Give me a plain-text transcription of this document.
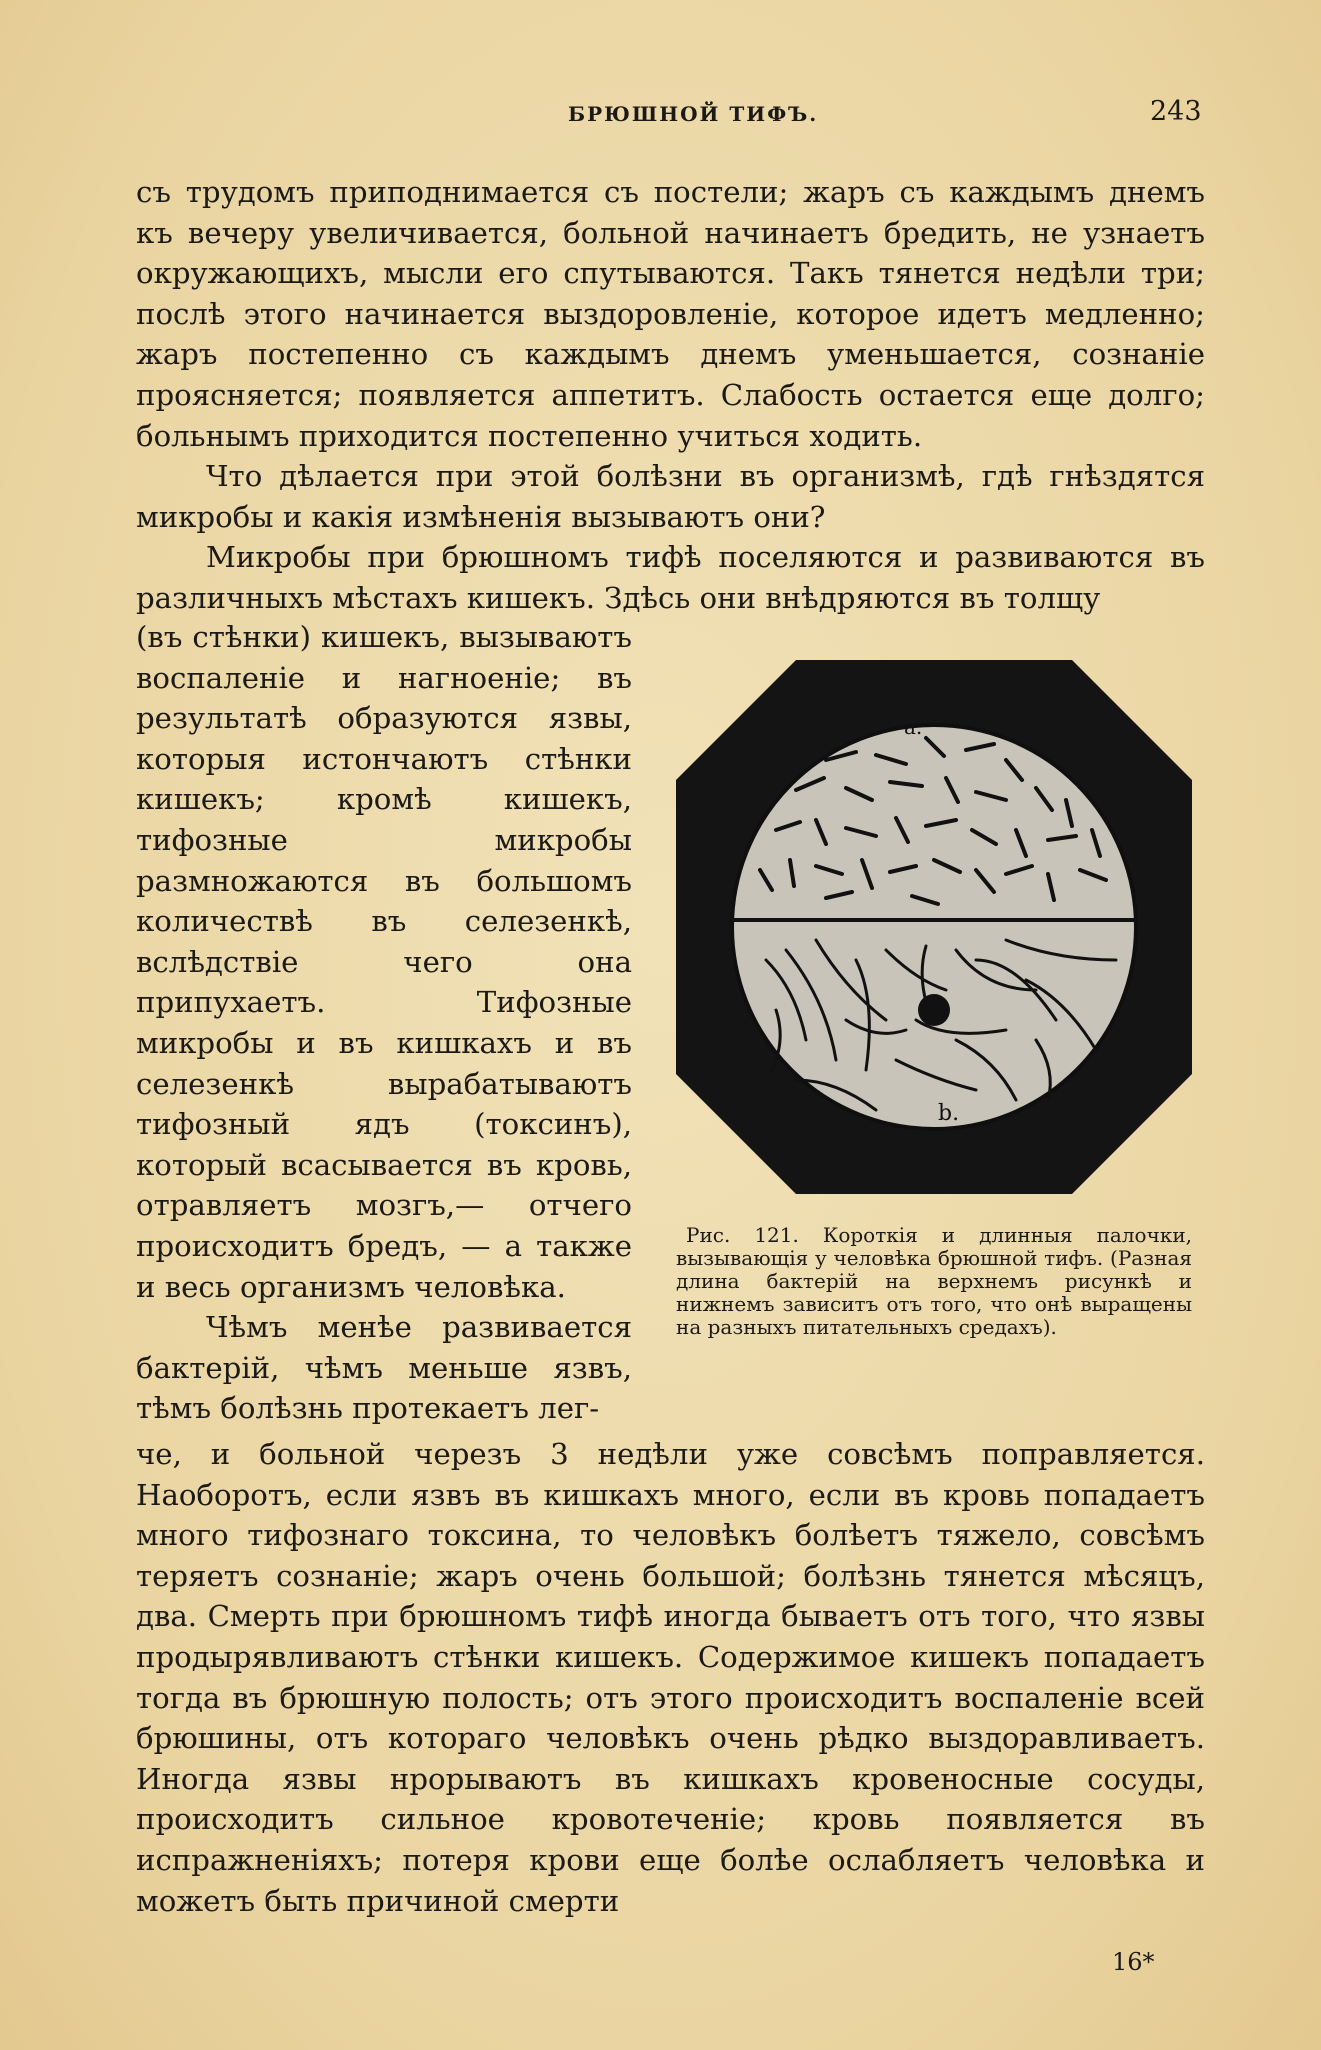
БРЮШНОЙ ТИФЪ.	243

съ трудомъ приподнимается съ постели; жаръ съ каждымъ днемъ къ вечеру увеличивается, больной начинаетъ бредить, не узнаетъ окружающихъ, мысли его спутываются. Такъ тянется недѣли три; послѣ этого начинается выздоровленіе, которое идетъ медленно; жаръ постепенно съ каждымъ днемъ уменьшается, сознаніе проясняется; появляется аппетитъ. Слабость остается еще долго; больнымъ приходится постепенно учиться ходить.

Что дѣлается при этой болѣзни въ организмѣ, гдѣ гнѣздятся микробы и какія измѣненія вызываютъ они?

Микробы при брюшномъ тифѣ поселяются и развиваются въ различныхъ мѣстахъ кишекъ. Здѣсь они внѣдряются въ толщу

(въ стѣнки) кишекъ, вызываютъ воспаленіе и нагноеніе; въ результатѣ образуются язвы, которыя истончаютъ стѣнки кишекъ; кромѣ кишекъ, тифозные микробы размножаются въ большомъ количествѣ въ селезенкѣ, вслѣдствіе чего она припухаетъ. Тифозные микробы и въ кишкахъ и въ селезенкѣ вырабатываютъ тифозный ядъ (токсинъ), который всасывается въ кровь, отравляетъ мозгъ,— отчего происходитъ бредъ, — а также и весь организмъ человѣка.

Чѣмъ менѣе развивается бактерій, чѣмъ меньше язвъ, тѣмъ болѣзнь протекаетъ лег-

a.
b.
Рис. 121. Короткія и длинныя палочки, вызывающія у человѣка брюшной тифъ. (Разная длина бактерій на верхнемъ рисункѣ и нижнемъ зависитъ отъ того, что онѣ выращены на разныхъ питательныхъ средахъ).

че, и больной черезъ 3 недѣли уже совсѣмъ поправляется. Наоборотъ, если язвъ въ кишкахъ много, если въ кровь попадаетъ много тифознаго токсина, то человѣкъ болѣетъ тяжело, совсѣмъ теряетъ сознаніе; жаръ очень большой; болѣзнь тянется мѣсяцъ, два. Смерть при брюшномъ тифѣ иногда бываетъ отъ того, что язвы продырявливаютъ стѣнки кишекъ. Содержимое кишекъ попадаетъ тогда въ брюшную полость; отъ этого происходитъ воспаленіе всей брюшины, отъ котораго человѣкъ очень рѣдко выздоравливаетъ. Иногда язвы нрорываютъ въ кишкахъ кровеносные сосуды, происходитъ сильное кровотеченіе; кровь появляется въ испражненіяхъ; потеря крови еще болѣе ослабляетъ человѣка и можетъ быть причиной смерти

16*
